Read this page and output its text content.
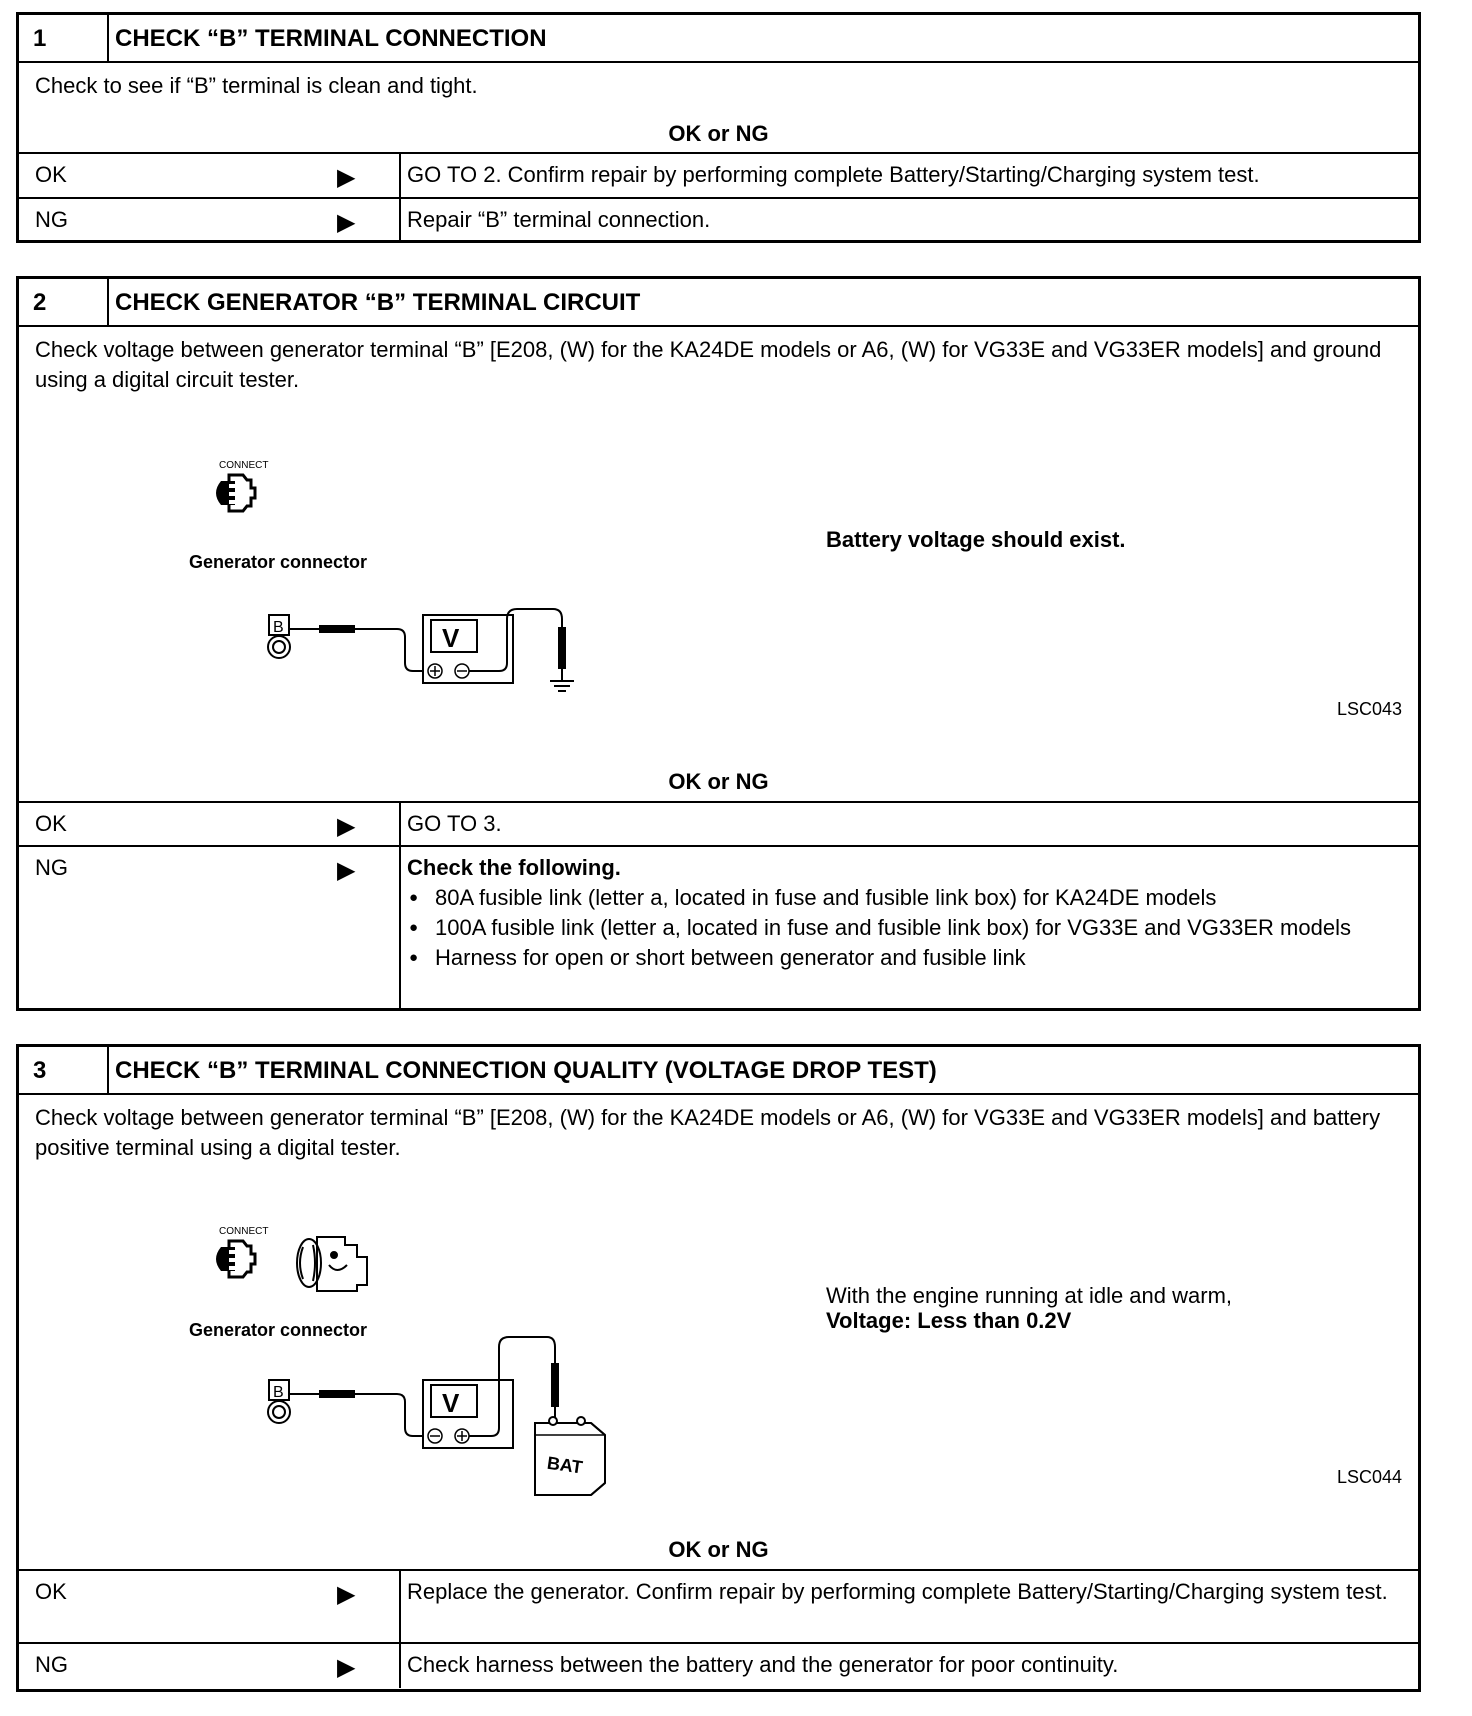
1	CHECK “B” TERMINAL CONNECTION
Check to see if “B” terminal is clean and tight.
OK or NG
OK	▶ GO TO 2. Confirm repair by performing complete Battery/Starting/Charging system test.
NG	▶ Repair “B” terminal connection.
2	CHECK GENERATOR “B” TERMINAL CIRCUIT
Check voltage between generator terminal “B” [E208, (W) for the KA24DE models or A6, (W) for VG33E and VG33ER models] and ground using a digital circuit tester.
CONNECT
Generator connector
B	V
Battery voltage should exist.
LSC043
OK or NG
OK	▶ GO TO 3.
NG	▶ Check the following.
● 80A fusible link (letter a, located in fuse and fusible link box) for KA24DE models
● 100A fusible link (letter a, located in fuse and fusible link box) for VG33E and VG33ER models
● Harness for open or short between generator and fusible link
3	CHECK “B” TERMINAL CONNECTION QUALITY (VOLTAGE DROP TEST)
Check voltage between generator terminal “B” [E208, (W) for the KA24DE models or A6, (W) for VG33E and VG33ER models] and battery positive terminal using a digital tester.
CONNECT
Generator connector
B	V
BAT
With the engine running at idle and warm,
Voltage: Less than 0.2V
LSC044
OK or NG
OK	▶ Replace the generator. Confirm repair by performing complete Battery/Starting/Charging system test.
NG	▶ Check harness between the battery and the generator for poor continuity.
